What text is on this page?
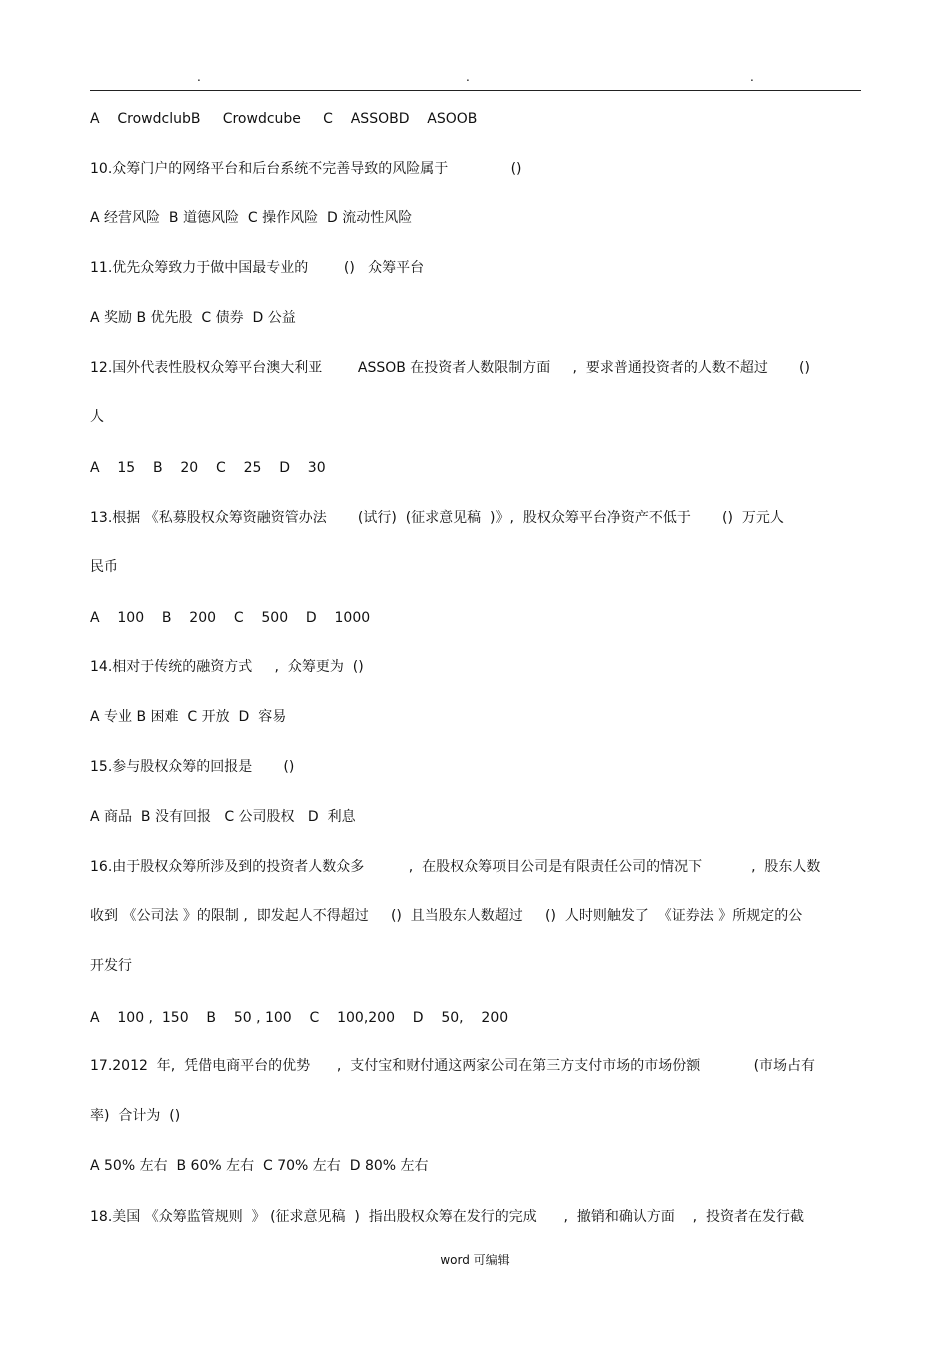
.	.	.
A    CrowdclubB     Crowdcube     C    ASSOBD    ASOOB
10.众筹门户的网络平台和后台系统不完善导致的风险属于              ()
A 经营风险  B 道德风险  C 操作风险  D 流动性风险
11.优先众筹致力于做中国最专业的        ()   众筹平台
A 奖励 B 优先股  C 债券  D 公益
12.国外代表性股权众筹平台澳大利亚        ASSOB 在投资者人数限制方面     ,  要求普通投资者的人数不超过       ()
人
A    15    B    20    C    25    D    30
13.根据 《私募股权众筹资融资管办法       (试行)  (征求意见稿  )》,  股权众筹平台净资产不低于       ()  万元人
民币
A    100    B    200    C    500    D    1000
14.相对于传统的融资方式     ,  众筹更为  ()
A 专业 B 困难  C 开放  D  容易
15.参与股权众筹的回报是       ()
A 商品  B 没有回报   C 公司股权   D  利息
16.由于股权众筹所涉及到的投资者人数众多          ,  在股权众筹项目公司是有限责任公司的情况下           ,  股东人数
收到 《公司法 》的限制 ,  即发起人不得超过     ()  且当股东人数超过     ()  人时则触发了  《证券法 》所规定的公
开发行
A    100 ,  150    B    50 , 100    C    100,200    D    50,    200
17.2012  年,  凭借电商平台的优势      ,  支付宝和财付通这两家公司在第三方支付市场的市场份额            (市场占有
率)  合计为  ()
A 50% 左右  B 60% 左右  C 70% 左右  D 80% 左右
18.美国 《众筹监管规则  》 (征求意见稿  )  指出股权众筹在发行的完成      ,  撤销和确认方面    ,  投资者在发行截
word 可编辑
